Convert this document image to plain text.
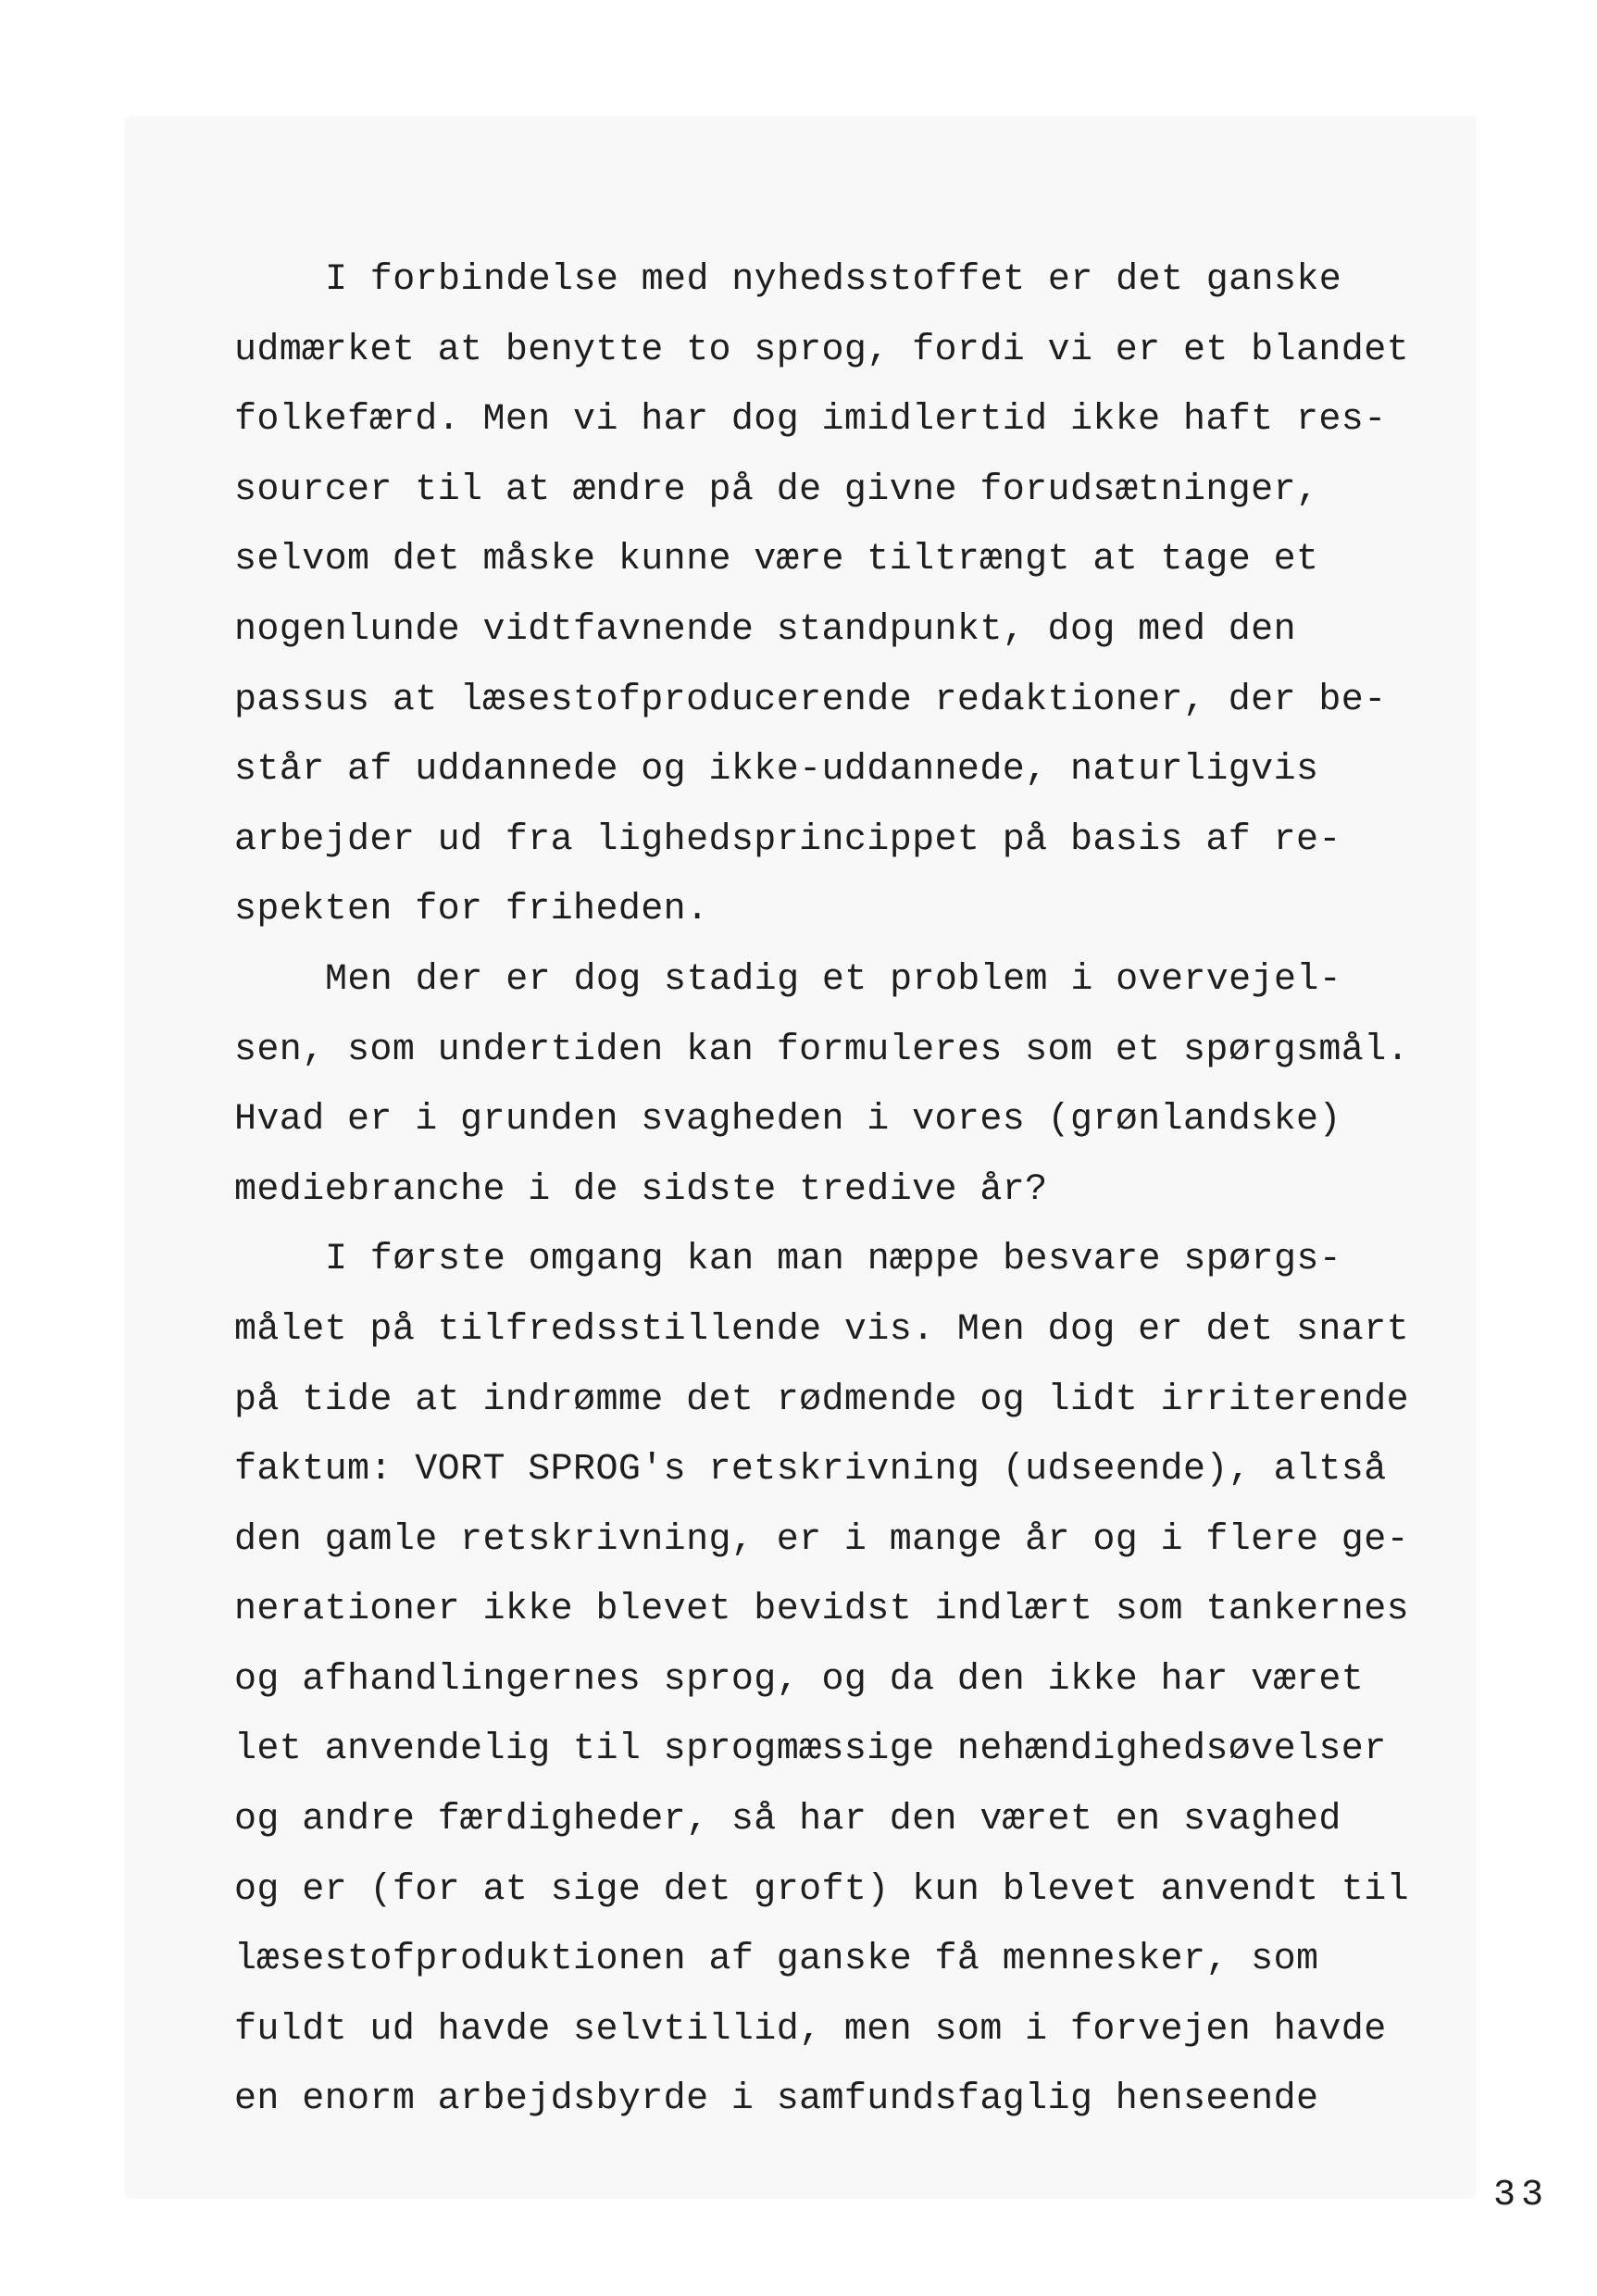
I forbindelse med nyhedsstoffet er det ganske
udmærket at benytte to sprog, fordi vi er et blandet
folkefærd. Men vi har dog imidlertid ikke haft res-
sourcer til at ændre på de givne forudsætninger,
selvom det måske kunne være tiltrængt at tage et
nogenlunde vidtfavnende standpunkt, dog med den
passus at læsestofproducerende redaktioner, der be-
står af uddannede og ikke-uddannede, naturligvis
arbejder ud fra lighedsprincippet på basis af re-
spekten for friheden.
Men der er dog stadig et problem i overvejel-
sen, som undertiden kan formuleres som et spørgsmål.
Hvad er i grunden svagheden i vores (grønlandske)
mediebranche i de sidste tredive år?
I første omgang kan man næppe besvare spørgs-
målet på tilfredsstillende vis. Men dog er det snart
på tide at indrømme det rødmende og lidt irriterende
faktum: VORT SPROG's retskrivning (udseende), altså
den gamle retskrivning, er i mange år og i flere ge-
nerationer ikke blevet bevidst indlært som tankernes
og afhandlingernes sprog, og da den ikke har været
let anvendelig til sprogmæssige nehændighedsøvelser
og andre færdigheder, så har den været en svaghed
og er (for at sige det groft) kun blevet anvendt til
læsestofproduktionen af ganske få mennesker, som
fuldt ud havde selvtillid, men som i forvejen havde
en enorm arbejdsbyrde i samfundsfaglig henseende
33
